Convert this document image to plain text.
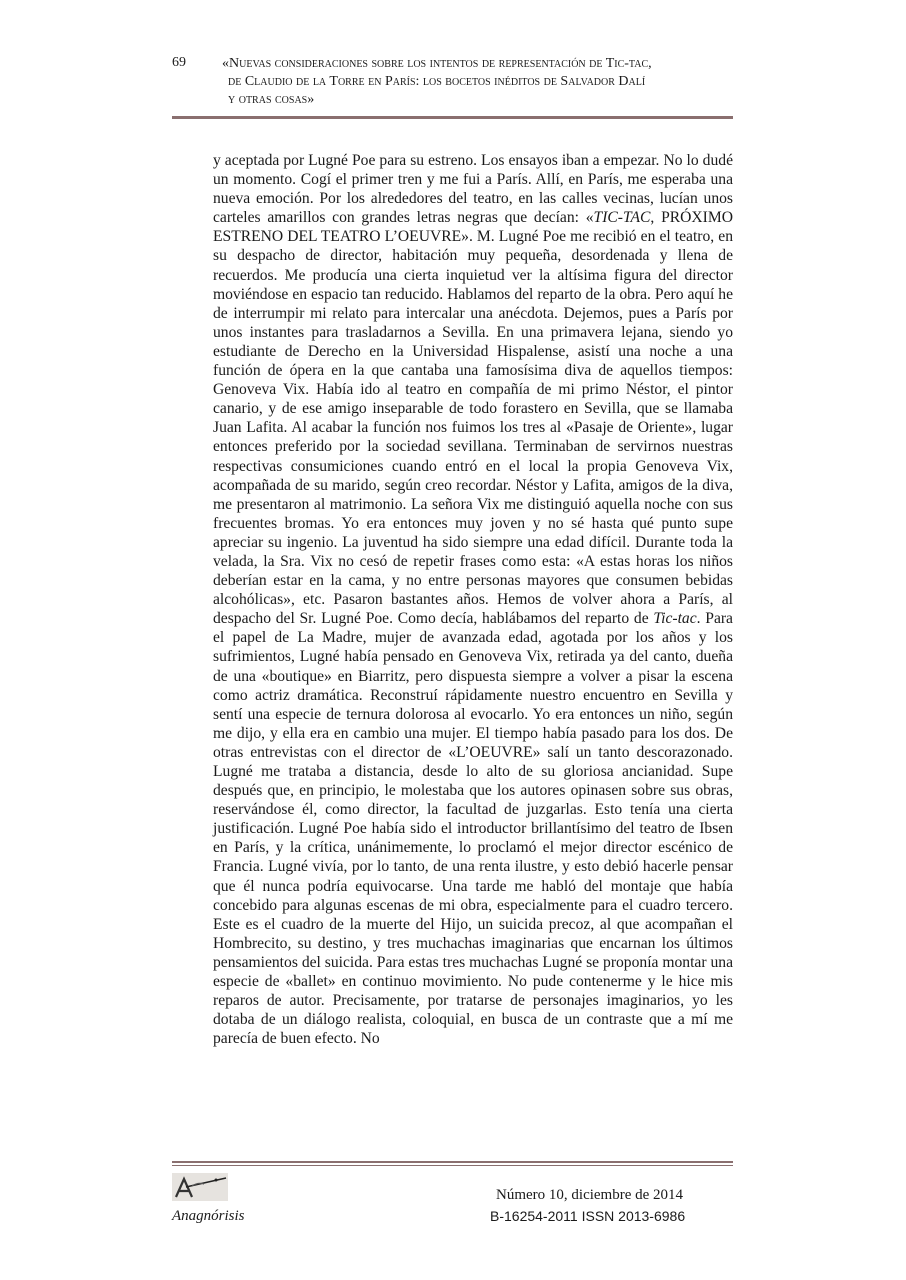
69	«Nuevas consideraciones sobre los intentos de representación de Tic-tac,
de Claudio de la Torre en París: los bocetos inéditos de Salvador Dalí
y otras cosas»

y aceptada por Lugné Poe para su estreno. Los ensayos iban a empezar. No lo dudé un momento. Cogí el primer tren y me fui a París. Allí, en París, me esperaba una nueva emoción. Por los alrededores del teatro, en las calles vecinas, lucían unos carteles amarillos con grandes letras negras que decían: «TIC-TAC, PRÓXIMO ESTRENO DEL TEATRO L’OEUVRE». M. Lugné Poe me recibió en el teatro, en su despacho de director, habitación muy pequeña, desordenada y llena de recuerdos. Me producía una cierta inquietud ver la altísima figura del director moviéndose en espacio tan reducido. Hablamos del reparto de la obra. Pero aquí he de interrumpir mi relato para intercalar una anécdota. Dejemos, pues a París por unos instantes para trasladarnos a Sevilla. En una primavera lejana, siendo yo estudiante de Derecho en la Universidad Hispalense, asistí una noche a una función de ópera en la que cantaba una famosísima diva de aquellos tiempos: Genoveva Vix. Había ido al teatro en compañía de mi primo Néstor, el pintor canario, y de ese amigo inseparable de todo forastero en Sevilla, que se llamaba Juan Lafita. Al acabar la función nos fuimos los tres al «Pasaje de Oriente», lugar entonces preferido por la sociedad sevillana. Terminaban de servirnos nuestras respectivas consumiciones cuando entró en el local la propia Genoveva Vix, acompañada de su marido, según creo recordar. Néstor y Lafita, amigos de la diva, me presentaron al matrimonio. La señora Vix me distinguió aquella noche con sus frecuentes bromas. Yo era entonces muy joven y no sé hasta qué punto supe apreciar su ingenio. La juventud ha sido siempre una edad difícil. Durante toda la velada, la Sra. Vix no cesó de repetir frases como esta: «A estas horas los niños deberían estar en la cama, y no entre personas mayores que consumen bebidas alcohólicas», etc. Pasaron bastantes años. Hemos de volver ahora a París, al despacho del Sr. Lugné Poe. Como decía, hablábamos del reparto de Tic-tac. Para el papel de La Madre, mujer de avanzada edad, agotada por los años y los sufrimientos, Lugné había pensado en Genoveva Vix, retirada ya del canto, dueña de una «boutique» en Biarritz, pero dispuesta siempre a volver a pisar la escena como actriz dramática. Reconstruí rápidamente nuestro encuentro en Sevilla y sentí una especie de ternura dolorosa al evocarlo. Yo era entonces un niño, según me dijo, y ella era en cambio una mujer. El tiempo había pasado para los dos. De otras entrevistas con el director de «L’OEUVRE» salí un tanto descorazonado. Lugné me trataba a distancia, desde lo alto de su gloriosa ancianidad. Supe después que, en principio, le molestaba que los autores opinasen sobre sus obras, reservándose él, como director, la facultad de juzgarlas. Esto tenía una cierta justificación. Lugné Poe había sido el introductor brillantísimo del teatro de Ibsen en París, y la crítica, unánimemente, lo proclamó el mejor director escénico de Francia. Lugné vivía, por lo tanto, de una renta ilustre, y esto debió hacerle pensar que él nunca podría equivocarse. Una tarde me habló del montaje que había concebido para algunas escenas de mi obra, especialmente para el cuadro tercero. Este es el cuadro de la muerte del Hijo, un suicida precoz, al que acompañan el Hombrecito, su destino, y tres muchachas imaginarias que encarnan los últimos pensamientos del suicida. Para estas tres muchachas Lugné se proponía montar una especie de «ballet» en continuo movimiento. No pude contenerme y le hice mis reparos de autor. Precisamente, por tratarse de personajes imaginarios, yo les dotaba de un diálogo realista, coloquial, en busca de un contraste que a mí me parecía de buen efecto. No

Anagnórisis
Número 10, diciembre de 2014
B-16254-2011 ISSN 2013-6986
